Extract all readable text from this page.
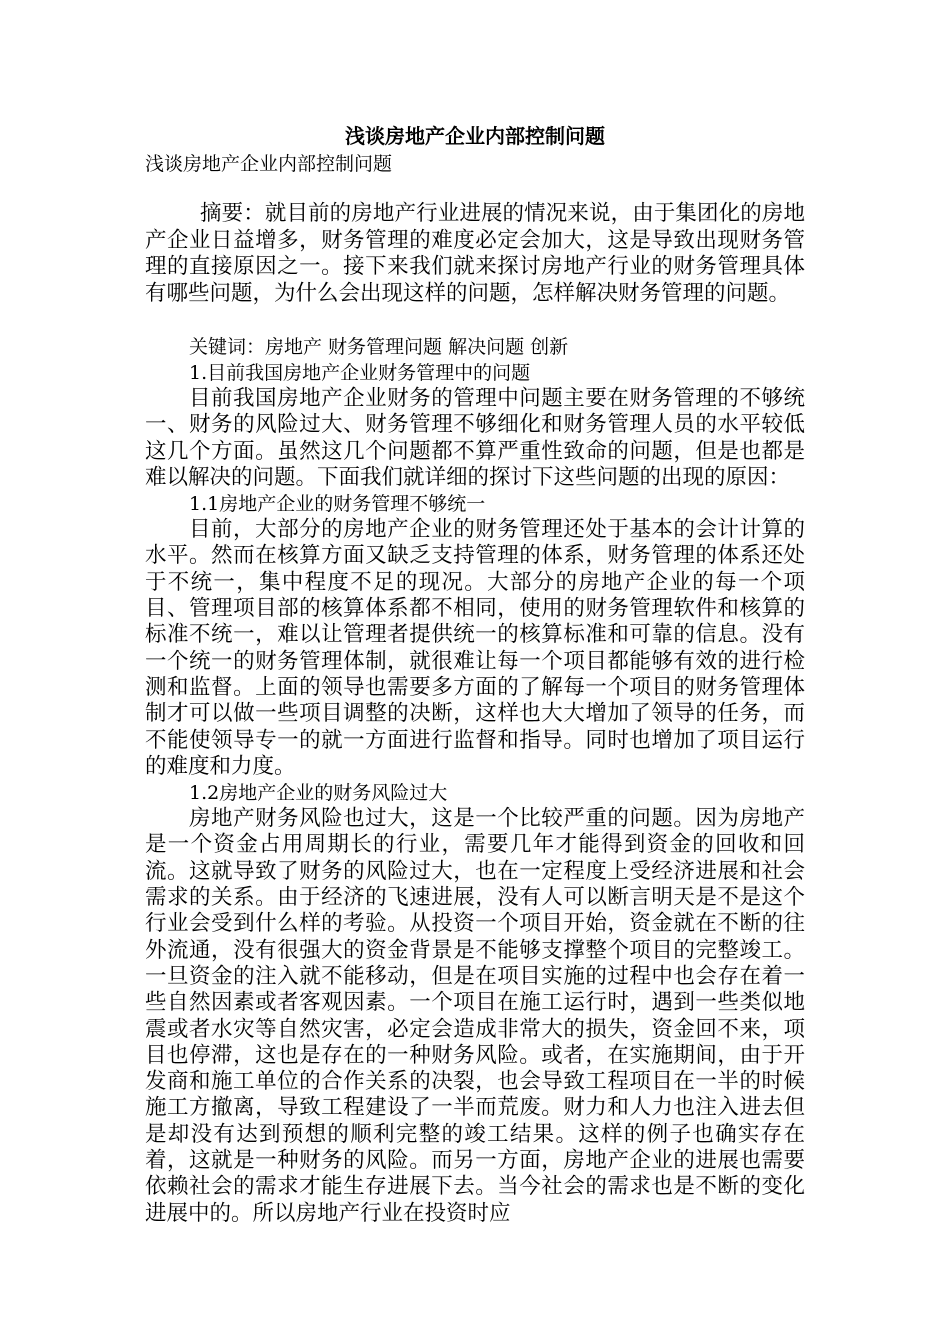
浅谈房地产企业内部控制问题

浅谈房地产企业内部控制问题

摘要：就目前的房地产行业进展的情况来说，由于集团化的房地产企业日益增多，财务管理的难度必定会加大，这是导致出现财务管理的直接原因之一。接下来我们就来探讨房地产行业的财务管理具体有哪些问题，为什么会出现这样的问题，怎样解决财务管理的问题。

关键词：房地产 财务管理问题 解决问题 创新

1.目前我国房地产企业财务管理中的问题

目前我国房地产企业财务的管理中问题主要在财务管理的不够统一、财务的风险过大、财务管理不够细化和财务管理人员的水平较低这几个方面。虽然这几个问题都不算严重性致命的问题，但是也都是难以解决的问题。下面我们就详细的探讨下这些问题的出现的原因：

1.1房地产企业的财务管理不够统一

目前，大部分的房地产企业的财务管理还处于基本的会计计算的水平。然而在核算方面又缺乏支持管理的体系，财务管理的体系还处于不统一，集中程度不足的现况。大部分的房地产企业的每一个项目、管理项目部的核算体系都不相同，使用的财务管理软件和核算的标准不统一，难以让管理者提供统一的核算标准和可靠的信息。没有一个统一的财务管理体制，就很难让每一个项目都能够有效的进行检测和监督。上面的领导也需要多方面的了解每一个项目的财务管理体制才可以做一些项目调整的决断，这样也大大增加了领导的任务，而不能使领导专一的就一方面进行监督和指导。同时也增加了项目运行的难度和力度。

1.2房地产企业的财务风险过大

房地产财务风险也过大，这是一个比较严重的问题。因为房地产是一个资金占用周期长的行业，需要几年才能得到资金的回收和回流。这就导致了财务的风险过大，也在一定程度上受经济进展和社会需求的关系。由于经济的飞速进展，没有人可以断言明天是不是这个行业会受到什么样的考验。从投资一个项目开始，资金就在不断的往外流通，没有很强大的资金背景是不能够支撑整个项目的完整竣工。一旦资金的注入就不能移动，但是在项目实施的过程中也会存在着一些自然因素或者客观因素。一个项目在施工运行时，遇到一些类似地震或者水灾等自然灾害，必定会造成非常大的损失，资金回不来，项目也停滞，这也是存在的一种财务风险。或者，在实施期间，由于开发商和施工单位的合作关系的决裂，也会导致工程项目在一半的时候施工方撤离，导致工程建设了一半而荒废。财力和人力也注入进去但是却没有达到预想的顺利完整的竣工结果。这样的例子也确实存在着，这就是一种财务的风险。而另一方面，房地产企业的进展也需要依赖社会的需求才能生存进展下去。当今社会的需求也是不断的变化进展中的。所以房地产行业在投资时应
